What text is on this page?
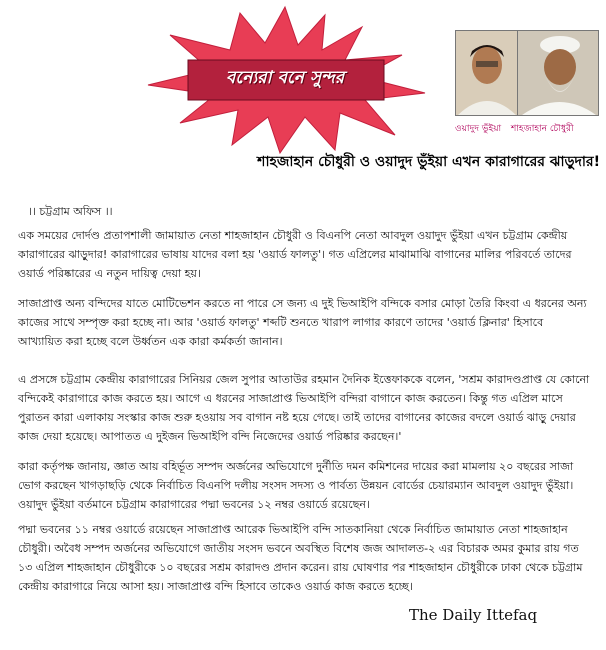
বন্যেরা বনে সুন্দর
ওয়াদুদ ভুঁইয়া শাহজাহান চৌধুরী
শাহজাহান চৌধুরী ও ওয়াদুদ ভুঁইয়া এখন কারাগারের ঝাড়ুদার!
।। চট্টগ্রাম অফিস ।।

এক সময়ের দোর্দণ্ড প্রতাপশালী জামায়াত নেতা শাহজাহান চৌধুরী ও বিএনপি নেতা আবদুল ওয়াদুদ ভুঁইয়া এখন চট্টগ্রাম কেন্দ্রীয় কারাগারের ঝাড়ুদার! কারাগারের ভাষায় যাদের বলা হয় 'ওয়ার্ড ফালতু'। গত এপ্রিলের মাঝামাঝি বাগানের মালির পরিবর্তে তাদের ওয়ার্ড পরিষ্কারের এ নতুন দায়িত্ব দেয়া হয়।

সাজাপ্রাপ্ত অন্য বন্দিদের যাতে মোটিভেশন করতে না পারে সে জন্য এ দুই ভিআইপি বন্দিকে বসার মোড়া তৈরি কিংবা এ ধরনের অন্য কাজের সাথে সম্পৃক্ত করা হচ্ছে না। আর 'ওয়ার্ড ফালতু' শব্দটি শুনতে খারাপ লাগার কারণে তাদের 'ওয়ার্ড ক্লিনার' হিসাবে আখ্যায়িত করা হচ্ছে বলে উর্ধ্বতন এক কারা কর্মকর্তা জানান।

এ প্রসঙ্গে চট্টগ্রাম কেন্দ্রীয় কারাগারের সিনিয়র জেল সুপার আতাউর রহমান দৈনিক ইত্তেফাককে বলেন, 'সশ্রম কারাদণ্ডপ্রাপ্ত যে কোনো বন্দিকেই কারাগারে কাজ করতে হয়। আগে এ ধরনের সাজাপ্রাপ্ত ভিআইপি বন্দিরা বাগানে কাজ করতেন। কিন্তু গত এপ্রিল মাসে পুরাতন কারা এলাকায় সংস্কার কাজ শুরু হওয়ায় সব বাগান নষ্ট হয়ে গেছে। তাই তাদের বাগানের কাজের বদলে ওয়ার্ড ঝাড়ু দেয়ার কাজ দেয়া হয়েছে। আপাতত এ দুইজন ভিআইপি বন্দি নিজেদের ওয়ার্ড পরিষ্কার করছেন।'

কারা কর্তৃপক্ষ জানায়, জ্ঞাত আয় বহির্ভূত সম্পদ অর্জনের অভিযোগে দুর্নীতি দমন কমিশনের দায়ের করা মামলায় ২০ বছরের সাজা ভোগ করছেন খাগড়াছড়ি থেকে নির্বাচিত বিএনপি দলীয় সংসদ সদস্য ও পার্বত্য উন্নয়ন বোর্ডের চেয়ারম্যান আবদুল ওয়াদুদ ভুঁইয়া। ওয়াদুদ ভুঁইয়া বর্তমানে চট্টগ্রাম কারাগারের পদ্মা ভবনের ১২ নম্বর ওয়ার্ডে রয়েছেন।

পদ্মা ভবনের ১১ নম্বর ওয়ার্ডে রয়েছেন সাজাপ্রাপ্ত আরেক ভিআইপি বন্দি সাতকানিয়া থেকে নির্বাচিত জামায়াত নেতা শাহজাহান চৌধুরী। অবৈধ সম্পদ অর্জনের অভিযোগে জাতীয় সংসদ ভবনে অবস্থিত বিশেষ জজ আদালত-২ এর বিচারক অমর কুমার রায় গত ১৩ এপ্রিল শাহজাহান চৌধুরীকে ১০ বছরের সশ্রম কারাদণ্ড প্রদান করেন। রায় ঘোষণার পর শাহজাহান চৌধুরীকে ঢাকা থেকে চট্টগ্রাম কেন্দ্রীয় কারাগারে নিয়ে আসা হয়। সাজাপ্রাপ্ত বন্দি হিসাবে তাকেও ওয়ার্ড কাজ করতে হচ্ছে।

The Daily Ittefaq
